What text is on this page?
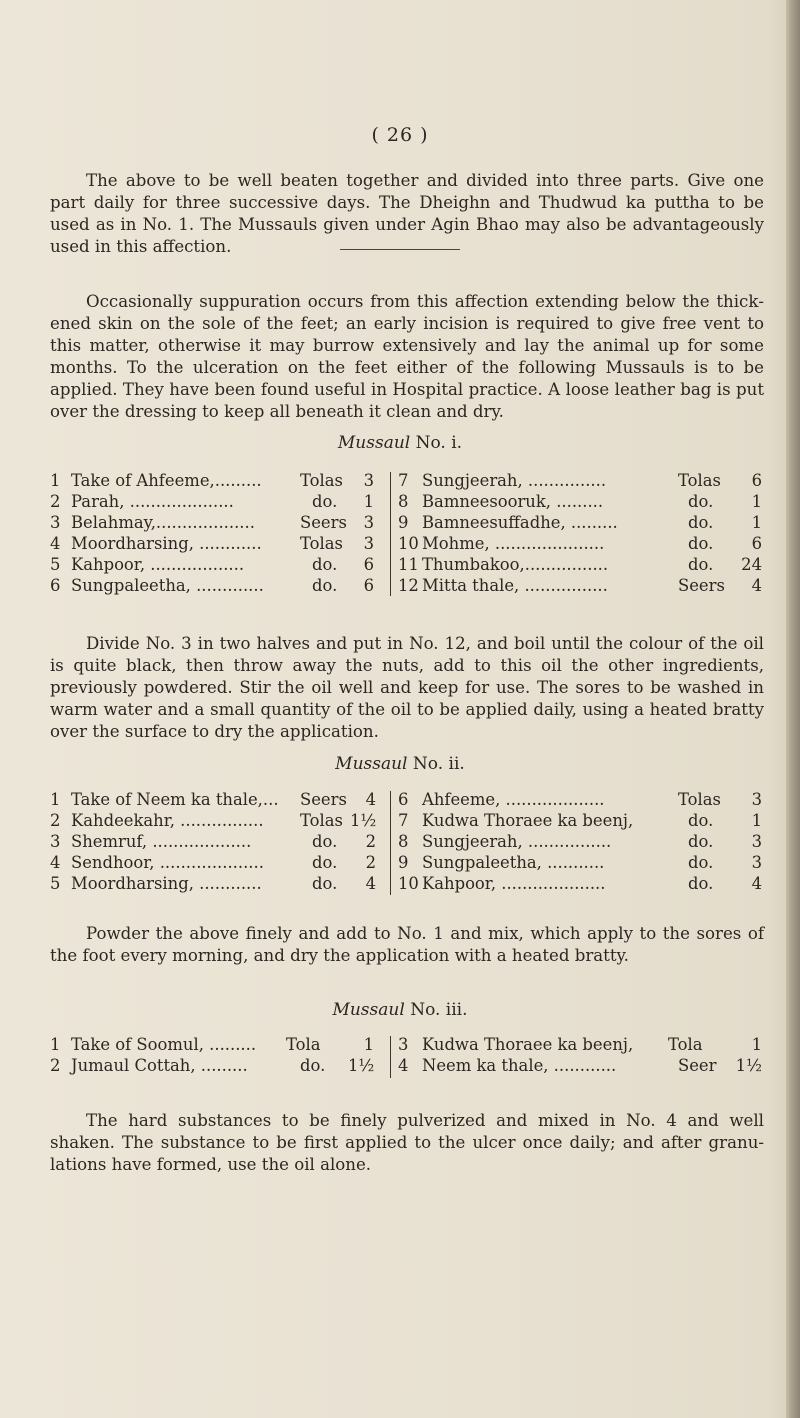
( 26 )

The above to be well beaten together and divided into three parts. Give one part daily for three successive days. The Dheighn and Thudwud ka puttha to be used as in No. 1. The Mussauls given under Agin Bhao may also be advantageously used in this affection.

Occasionally suppuration occurs from this affection extending below the thickened skin on the sole of the feet; an early incision is required to give free vent to this matter, otherwise it may burrow extensively and lay the animal up for some months. To the ulceration on the feet either of the following Mussauls is to be applied. They have been found useful in Hospital practice. A loose leather bag is put over the dressing to keep all beneath it clean and dry.

Mussaul No. i.
1 Take of Ahfeeme,......... Tolas	3
2 Parah, ....................	do.	1
3 Belahmay,...................	Seers	3
4 Moordharsing, ............ Tolas	3
5 Kahpoor, ..................	do.	6
6 Sungpaleetha, .............	do.	6
7 Sungjeerah, ...............	Tolas	6
8 Bamneesooruk, .........	do.	1
9 Bamneesuffadhe, .........	do.	1
10 Mohme, .....................	do.	6
11 Thumbakoo,................	do.	24
12 Mitta thale, ................	Seers	4

Divide No. 3 in two halves and put in No. 12, and boil until the colour of the oil is quite black, then throw away the nuts, add to this oil the other ingredients, previously powdered. Stir the oil well and keep for use. The sores to be washed in warm water and a small quantity of the oil to be applied daily, using a heated bratty over the surface to dry the application.

Mussaul No. ii.
1 Take of Neem ka thale,... Seers	4
2 Kahdeekahr, ................ Tolas 1½
3 Shemruf, ...................	do.	2
4 Sendhoor, ....................	do.	2
5 Moordharsing, ............	do.	4
6 Ahfeeme, ...................	Tolas	3
7 Kudwa Thoraee ka beenj,	do.	1
8 Sungjeerah, ................	do.	3
9 Sungpaleetha, ...........	do.	3
10 Kahpoor, ....................	do.	4

Powder the above finely and add to No. 1 and mix, which apply to the sores of the foot every morning, and dry the application with a heated bratty.

Mussaul No. iii.
1 Take of Soomul, ......... Tola	1
2 Jumaul Cottah, .........	do. 1½
3 Kudwa Thoraee ka beenj, Tola	1
4 Neem ka thale, ............	Seer 1½

The hard substances to be finely pulverized and mixed in No. 4 and well shaken. The substance to be first applied to the ulcer once daily; and after granulations have formed, use the oil alone.
